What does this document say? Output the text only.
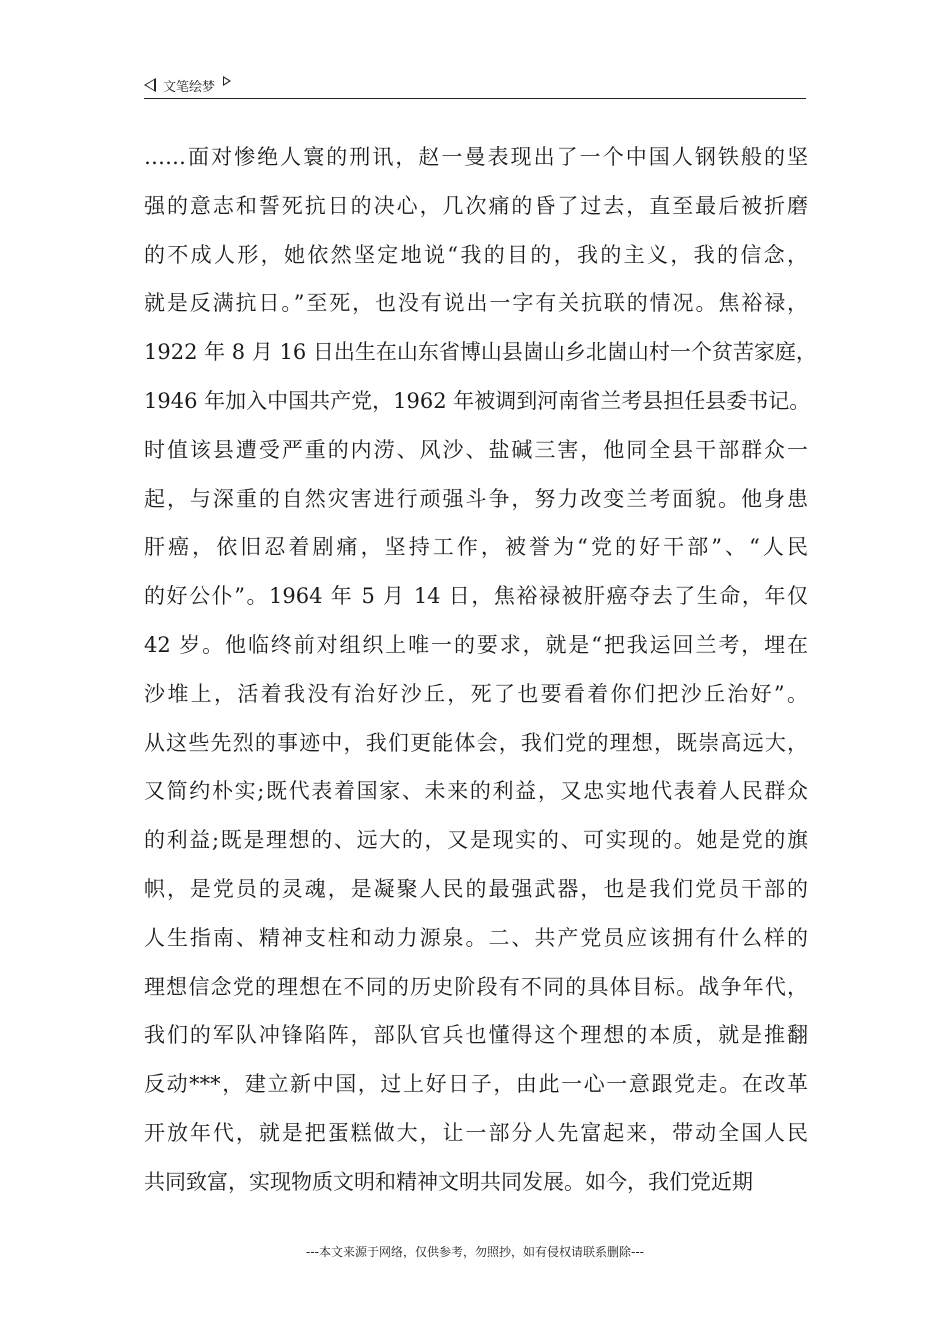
文笔绘梦
……面对惨绝人寰的刑讯，赵一曼表现出了一个中国人钢铁般的坚
强的意志和誓死抗日的决心，几次痛的昏了过去，直至最后被折磨
的不成人形，她依然坚定地说“我的目的，我的主义，我的信念，
就是反满抗日。”至死，也没有说出一字有关抗联的情况。焦裕禄，
1922 年 8 月 16 日出生在山东省博山县崮山乡北崮山村一个贫苦家庭，
1946 年加入中国共产党，1962 年被调到河南省兰考县担任县委书记。
时值该县遭受严重的内涝、风沙、盐碱三害，他同全县干部群众一
起，与深重的自然灾害进行顽强斗争，努力改变兰考面貌。他身患
肝癌，依旧忍着剧痛，坚持工作，被誉为“党的好干部”、“人民
的好公仆”。1964 年 5 月 14 日，焦裕禄被肝癌夺去了生命，年仅
42 岁。他临终前对组织上唯一的要求，就是“把我运回兰考，埋在
沙堆上，活着我没有治好沙丘，死了也要看着你们把沙丘治好”。
从这些先烈的事迹中，我们更能体会，我们党的理想，既崇高远大，
又简约朴实;既代表着国家、未来的利益，又忠实地代表着人民群众
的利益;既是理想的、远大的，又是现实的、可实现的。她是党的旗
帜，是党员的灵魂，是凝聚人民的最强武器，也是我们党员干部的
人生指南、精神支柱和动力源泉。二、共产党员应该拥有什么样的
理想信念党的理想在不同的历史阶段有不同的具体目标。战争年代，
我们的军队冲锋陷阵，部队官兵也懂得这个理想的本质，就是推翻
反动***，建立新中国，过上好日子，由此一心一意跟党走。在改革
开放年代，就是把蛋糕做大，让一部分人先富起来，带动全国人民
共同致富，实现物质文明和精神文明共同发展。如今，我们党近期
---本文来源于网络，仅供参考，勿照抄，如有侵权请联系删除---
